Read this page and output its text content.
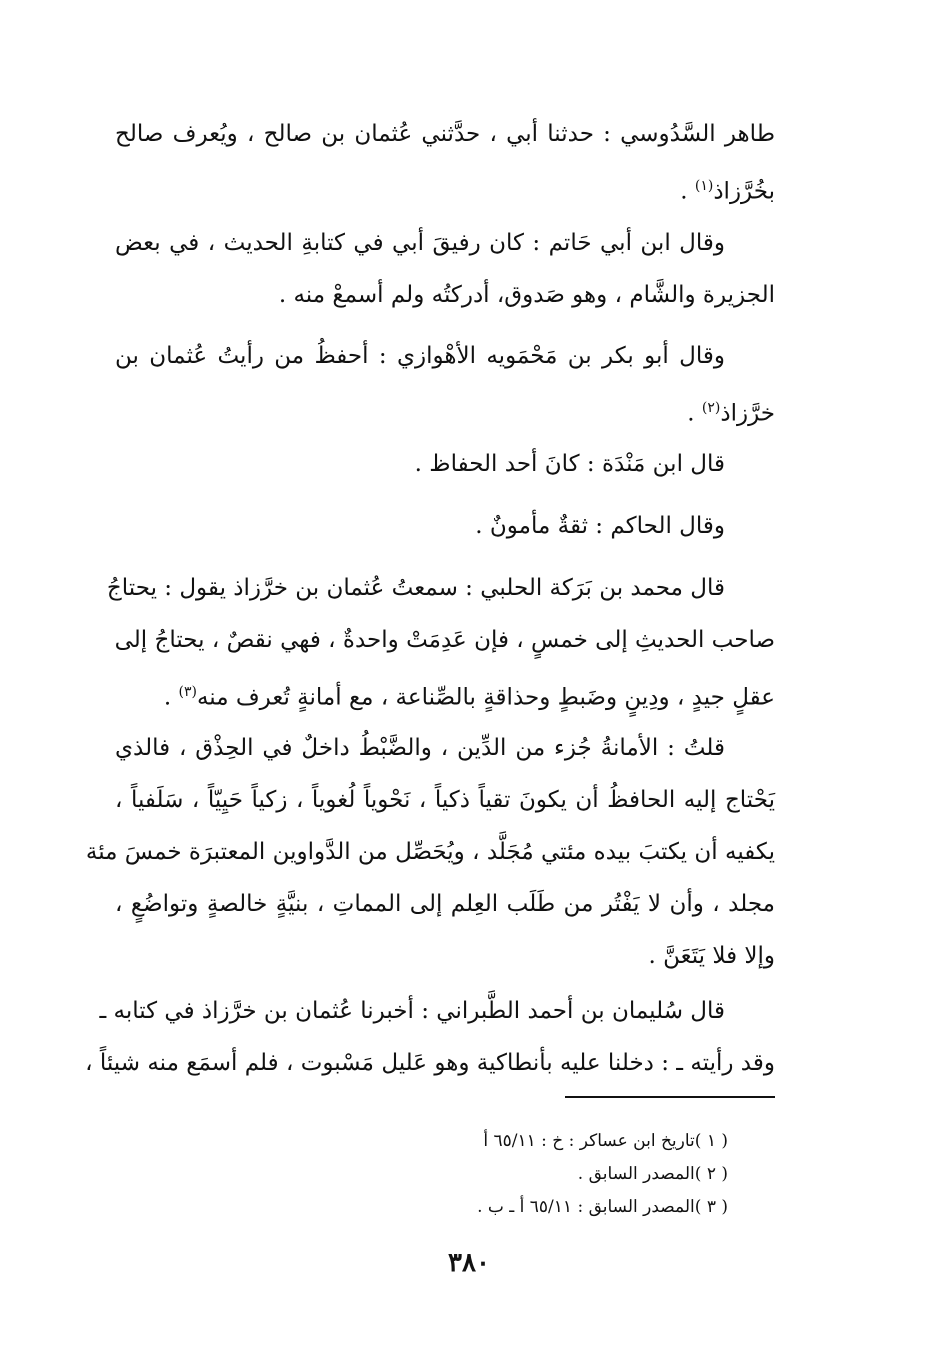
طاهر السَّدُوسي : حدثنا أبي ، حدَّثني عُثمان بن صالح ، ويُعرف صالح
بخُرَّزاذ$^{(١)}$ .
وقال ابن أبي حَاتم : كان رفيقَ أبي في كتابةِ الحديث ، في بعض
الجزيرة والشَّام ، وهو صَدوق، أدركتُه ولم أسمعْ منه .
وقال أبو بكر بن مَحْمَويه الأهْوازي : أحفظُ من رأيتُ عُثمان بن
خرَّزاذ$^{(٢)}$ .
قال ابن مَنْدَة : كانَ أحد الحفاظ .
وقال الحاكم : ثقةٌ مأمونٌ .
قال محمد بن بَرَكة الحلبي : سمعتُ عُثمان بن خرَّزاذ يقول : يحتاجُ
صاحب الحديثِ إلى خمسٍ ، فإن عَدِمَتْ واحدةٌ ، فهي نقصٌ ، يحتاجُ إلى
عقلٍ جيدٍ ، ودِينٍ وضَبطٍ وحذاقةٍ بالصِّناعة ، مع أمانةٍ تُعرف منه$^{(٣)}$ .
قلتُ : الأمانةُ جُزء من الدِّين ، والضَّبْطُ داخلٌ في الحِذْق ، فالذي
يَحْتاج إليه الحافظُ أن يكونَ تقياً ذكياً ، نَحْوياً لُغوياً ، زكياً حَيِيّاً ، سَلَفياً ،
يكفيه أن يكتبَ بيده مئتي مُجَلَّد ، ويُحَصِّل من الدَّواوين المعتبرَة خمسَ مئة
مجلد ، وأن لا يَفْتُر من طَلَب العِلم إلى المماتِ ، بنيَّةٍ خالصةٍ وتواضُعٍ ،
وإلا فلا يَتَعَنَّ .
قال سُليمان بن أحمد الطَّبراني : أخبرنا عُثمان بن خرَّزاذ في كتابه ـ
وقد رأيته ـ : دخلنا عليه بأنطاكية وهو عَليل مَسْبوت ، فلم أسمَع منه شيئاً ،
( ١ )تاريخ ابن عساكر : خ : ٦٥/١١ أ
( ٢ )المصدر السابق .
( ٣ )المصدر السابق : ٦٥/١١ أ ـ ب .
٣٨٠
